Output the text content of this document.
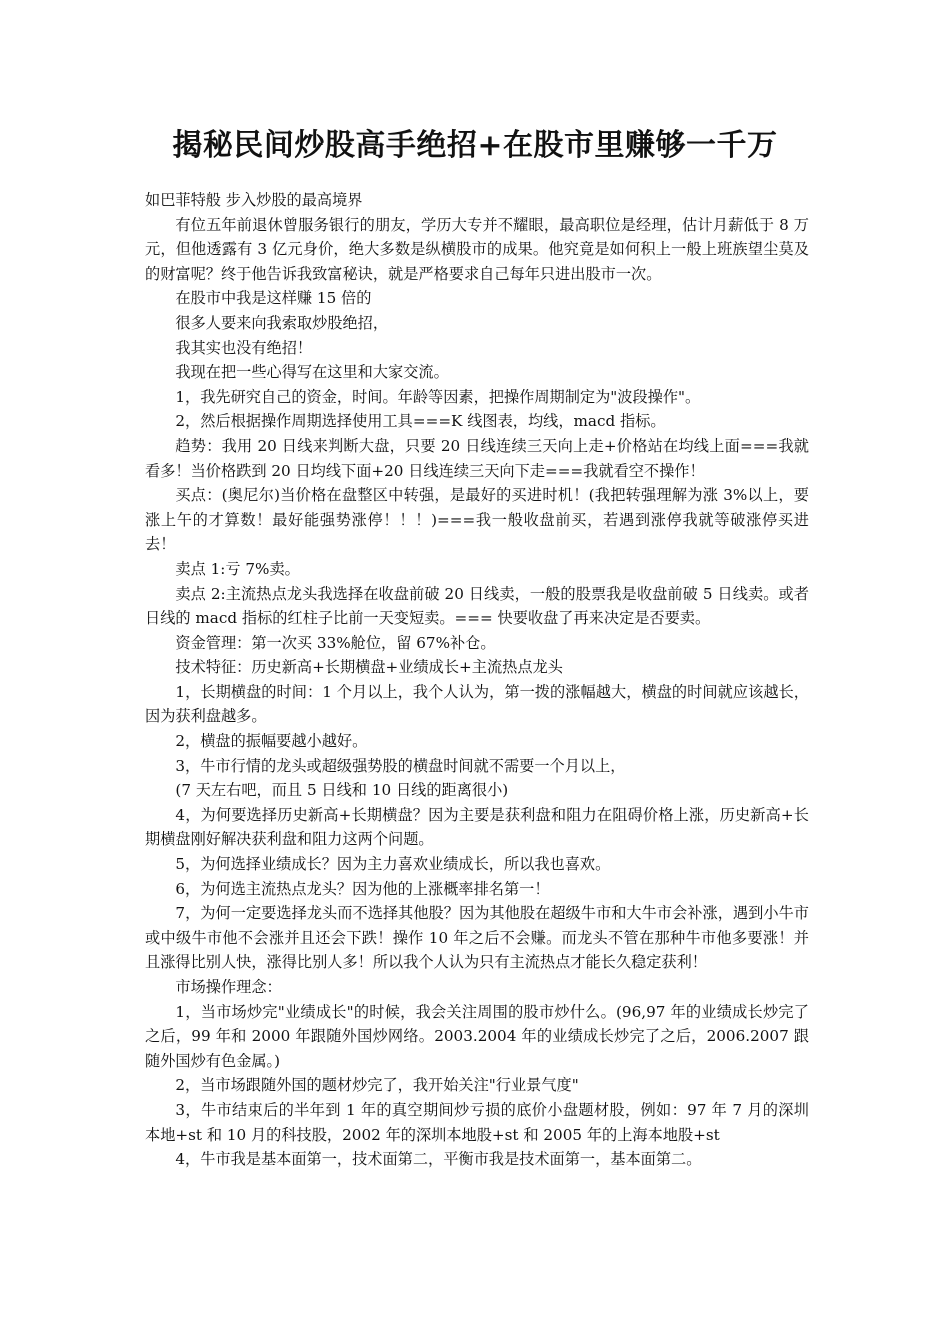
揭秘民间炒股高手绝招+在股市里赚够一千万

如巴菲特般 步入炒股的最高境界

有位五年前退休曾服务银行的朋友，学历大专并不耀眼，最高职位是经理，估计月薪低于 8 万元，但他透露有 3 亿元身价，绝大多数是纵横股市的成果。他究竟是如何积上一般上班族望尘莫及的财富呢？终于他告诉我致富秘诀，就是严格要求自己每年只进出股市一次。

在股市中我是这样赚 15 倍的

很多人要来向我索取炒股绝招，

我其实也没有绝招！

我现在把一些心得写在这里和大家交流。

1，我先研究自己的资金，时间。年龄等因素，把操作周期制定为"波段操作"。

2，然后根据操作周期选择使用工具===K 线图表，均线，macd 指标。

趋势：我用 20 日线来判断大盘，只要 20 日线连续三天向上走+价格站在均线上面===我就看多！当价格跌到 20 日均线下面+20 日线连续三天向下走===我就看空不操作！

买点：(奥尼尔)当价格在盘整区中转强，是最好的买进时机！(我把转强理解为涨 3%以上，要涨上午的才算数！最好能强势涨停！！！)===我一般收盘前买，若遇到涨停我就等破涨停买进去！

卖点 1:亏 7%卖。

卖点 2:主流热点龙头我选择在收盘前破 20 日线卖，一般的股票我是收盘前破 5 日线卖。或者日线的 macd 指标的红柱子比前一天变短卖。=== 快要收盘了再来决定是否要卖。

资金管理：第一次买 33%舱位，留 67%补仓。

技术特征：历史新高+长期横盘+业绩成长+主流热点龙头

1，长期横盘的时间：1 个月以上，我个人认为，第一拨的涨幅越大，横盘的时间就应该越长，因为获利盘越多。

2，横盘的振幅要越小越好。

3，牛市行情的龙头或超级强势股的横盘时间就不需要一个月以上，

(7 天左右吧，而且 5 日线和 10 日线的距离很小)

4，为何要选择历史新高+长期横盘？因为主要是获利盘和阻力在阻碍价格上涨，历史新高+长期横盘刚好解决获利盘和阻力这两个问题。

5，为何选择业绩成长？因为主力喜欢业绩成长，所以我也喜欢。

6，为何选主流热点龙头？因为他的上涨概率排名第一！

7，为何一定要选择龙头而不选择其他股？因为其他股在超级牛市和大牛市会补涨，遇到小牛市或中级牛市他不会涨并且还会下跌！操作 10 年之后不会赚。而龙头不管在那种牛市他多要涨！并且涨得比别人快，涨得比别人多！所以我个人认为只有主流热点才能长久稳定获利！

市场操作理念：

1，当市场炒完"业绩成长"的时候，我会关注周围的股市炒什么。(96,97 年的业绩成长炒完了之后，99 年和 2000 年跟随外国炒网络。2003.2004 年的业绩成长炒完了之后，2006.2007 跟随外国炒有色金属。)

2，当市场跟随外国的题材炒完了，我开始关注"行业景气度"

3，牛市结束后的半年到 1 年的真空期间炒亏损的底价小盘题材股，例如：97 年 7 月的深圳本地+st 和 10 月的科技股，2002 年的深圳本地股+st 和 2005 年的上海本地股+st

4，牛市我是基本面第一，技术面第二，平衡市我是技术面第一，基本面第二。
